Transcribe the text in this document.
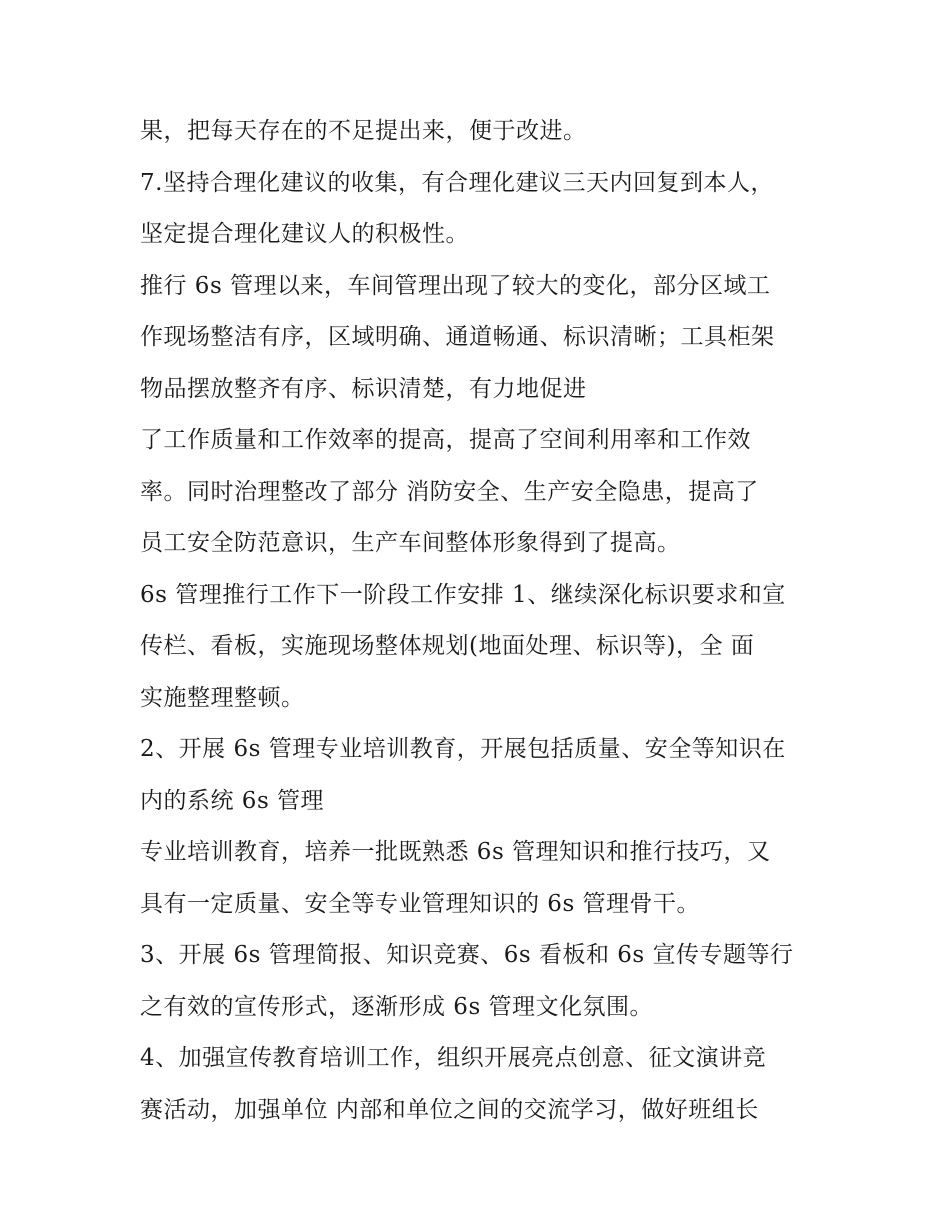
果，把每天存在的不足提出来，便于改进。
7.坚持合理化建议的收集，有合理化建议三天内回复到本人，
坚定提合理化建议人的积极性。
推行 6s 管理以来，车间管理出现了较大的变化，部分区域工
作现场整洁有序，区域明确、通道畅通、标识清晰；工具柜架
物品摆放整齐有序、标识清楚，有力地促进
了工作质量和工作效率的提高，提高了空间利用率和工作效
率。同时治理整改了部分 消防安全、生产安全隐患，提高了
员工安全防范意识，生产车间整体形象得到了提高。
6s 管理推行工作下一阶段工作安排 1、继续深化标识要求和宣
传栏、看板，实施现场整体规划(地面处理、标识等)，全 面
实施整理整顿。
2、开展 6s 管理专业培训教育，开展包括质量、安全等知识在
内的系统 6s 管理
专业培训教育，培养一批既熟悉 6s 管理知识和推行技巧，又
具有一定质量、安全等专业管理知识的 6s 管理骨干。
3、开展 6s 管理简报、知识竞赛、6s 看板和 6s 宣传专题等行
之有效的宣传形式，逐渐形成 6s 管理文化氛围。
4、加强宣传教育培训工作，组织开展亮点创意、征文演讲竞
赛活动，加强单位 内部和单位之间的交流学习，做好班组长
